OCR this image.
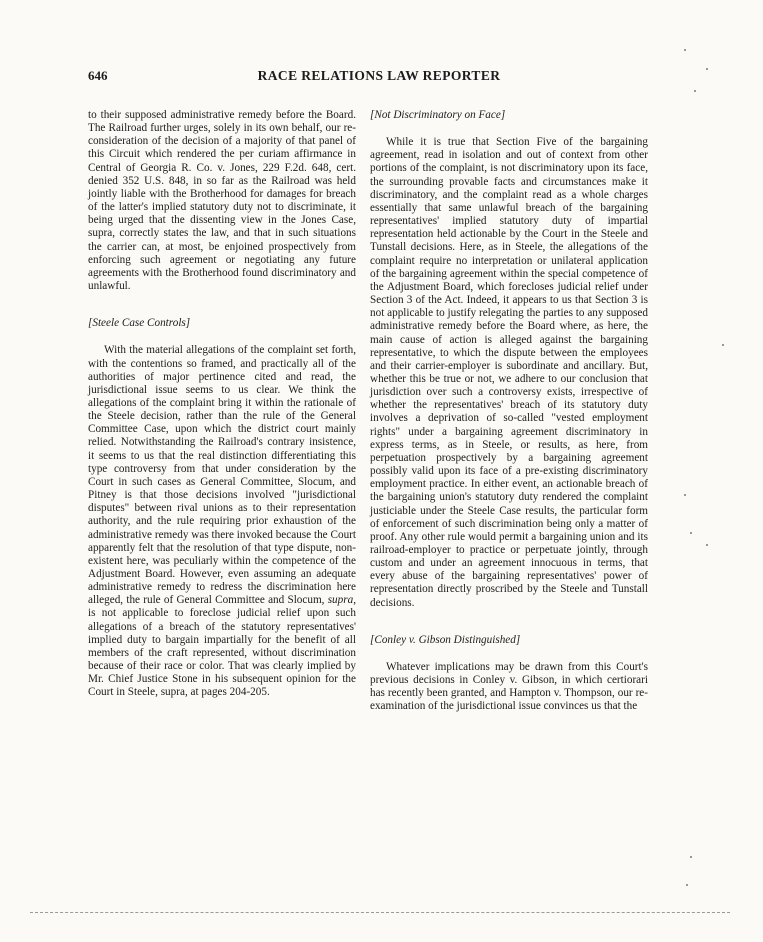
646	RACE RELATIONS LAW REPORTER

to their supposed administrative remedy before the Board. The Railroad further urges, solely in its own behalf, our re-consideration of the decision of a majority of that panel of this Circuit which rendered the per curiam affirmance in Central of Georgia R. Co. v. Jones, 229 F.2d. 648, cert. denied 352 U.S. 848, in so far as the Railroad was held jointly liable with the Brotherhood for damages for breach of the latter's implied statutory duty not to discriminate, it being urged that the dissenting view in the Jones Case, supra, correctly states the law, and that in such situations the carrier can, at most, be enjoined prospectively from enforcing such agreement or negotiating any future agreements with the Brotherhood found discriminatory and unlawful.

[Steele Case Controls]

With the material allegations of the complaint set forth, with the contentions so framed, and practically all of the authorities of major pertinence cited and read, the jurisdictional issue seems to us clear. We think the allegations of the complaint bring it within the rationale of the Steele decision, rather than the rule of the General Committee Case, upon which the district court mainly relied. Notwithstanding the Railroad's contrary insistence, it seems to us that the real distinction differentiating this type controversy from that under consideration by the Court in such cases as General Committee, Slocum, and Pitney is that those decisions involved "jurisdictional disputes" between rival unions as to their representation authority, and the rule requiring prior exhaustion of the administrative remedy was there invoked because the Court apparently felt that the resolution of that type dispute, non-existent here, was peculiarly within the competence of the Adjustment Board. However, even assuming an adequate administrative remedy to redress the discrimination here alleged, the rule of General Committee and Slocum, supra, is not applicable to foreclose judicial relief upon such allegations of a breach of the statutory representatives' implied duty to bargain impartially for the benefit of all members of the craft represented, without discrimination because of their race or color. That was clearly implied by Mr. Chief Justice Stone in his subsequent opinion for the Court in Steele, supra, at pages 204-205.

[Not Discriminatory on Face]

While it is true that Section Five of the bargaining agreement, read in isolation and out of context from other portions of the complaint, is not discriminatory upon its face, the surrounding provable facts and circumstances make it discriminatory, and the complaint read as a whole charges essentially that same unlawful breach of the bargaining representatives' implied statutory duty of impartial representation held actionable by the Court in the Steele and Tunstall decisions. Here, as in Steele, the allegations of the complaint require no interpretation or unilateral application of the bargaining agreement within the special competence of the Adjustment Board, which forecloses judicial relief under Section 3 of the Act. Indeed, it appears to us that Section 3 is not applicable to justify relegating the parties to any supposed administrative remedy before the Board where, as here, the main cause of action is alleged against the bargaining representative, to which the dispute between the employees and their carrier-employer is subordinate and ancillary. But, whether this be true or not, we adhere to our conclusion that jurisdiction over such a controversy exists, irrespective of whether the representatives' breach of its statutory duty involves a deprivation of so-called "vested employment rights" under a bargaining agreement discriminatory in express terms, as in Steele, or results, as here, from perpetuation prospectively by a bargaining agreement possibly valid upon its face of a pre-existing discriminatory employment practice. In either event, an actionable breach of the bargaining union's statutory duty rendered the complaint justiciable under the Steele Case results, the particular form of enforcement of such discrimination being only a matter of proof. Any other rule would permit a bargaining union and its railroad-employer to practice or perpetuate jointly, through custom and under an agreement innocuous in terms, that every abuse of the bargaining representatives' power of representation directly proscribed by the Steele and Tunstall decisions.

[Conley v. Gibson Distinguished]

Whatever implications may be drawn from this Court's previous decisions in Conley v. Gibson, in which certiorari has recently been granted, and Hampton v. Thompson, our re-examination of the jurisdictional issue convinces us that the
